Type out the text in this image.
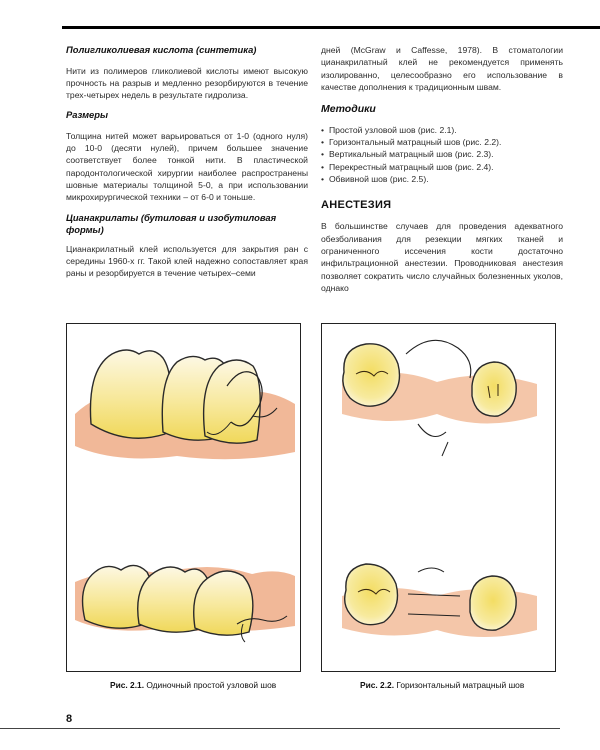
Полигликолиевая кислота (синтетика)

Нити из полимеров гликолиевой кислоты имеют высокую прочность на разрыв и медленно резорбируются в течение трех-четырех недель в результате гидролиза.

Размеры

Толщина нитей может варьироваться от 1-0 (одного нуля) до 10-0 (десяти нулей), причем большее значение соответствует более тонкой нити. В пластической пародонтологической хирургии наиболее распространены шовные материалы толщиной 5-0, а при использовании микрохирургической техники – от 6-0 и тоньше.

Цианакрилаты (бутиловая и изобутиловая формы)

Цианакрилатный клей используется для закрытия ран с середины 1960-х гг. Такой клей надежно сопоставляет края раны и резорбируется в течение четырех–семи

дней (McGraw и Caffesse, 1978). В стоматологии цианакрилатный клей не рекомендуется применять изолированно, целесообразно его использование в качестве дополнения к традиционным швам.

Методики

• Простой узловой шов (рис. 2.1).
• Горизонтальный матрацный шов (рис. 2.2).
• Вертикальный матрацный шов (рис. 2.3).
• Перекрестный матрацный шов (рис. 2.4).
• Обвивной шов (рис. 2.5).

АНЕСТЕЗИЯ

В большинстве случаев для проведения адекватного обезболивания для резекции мягких тканей и ограниченного иссечения кости достаточно инфильтрационной анестезии. Проводниковая анестезия позволяет сократить число случайных болезненных уколов, однако

Рис. 2.1. Одиночный простой узловой шов	Рис. 2.2. Горизонтальный матрацный шов
8
